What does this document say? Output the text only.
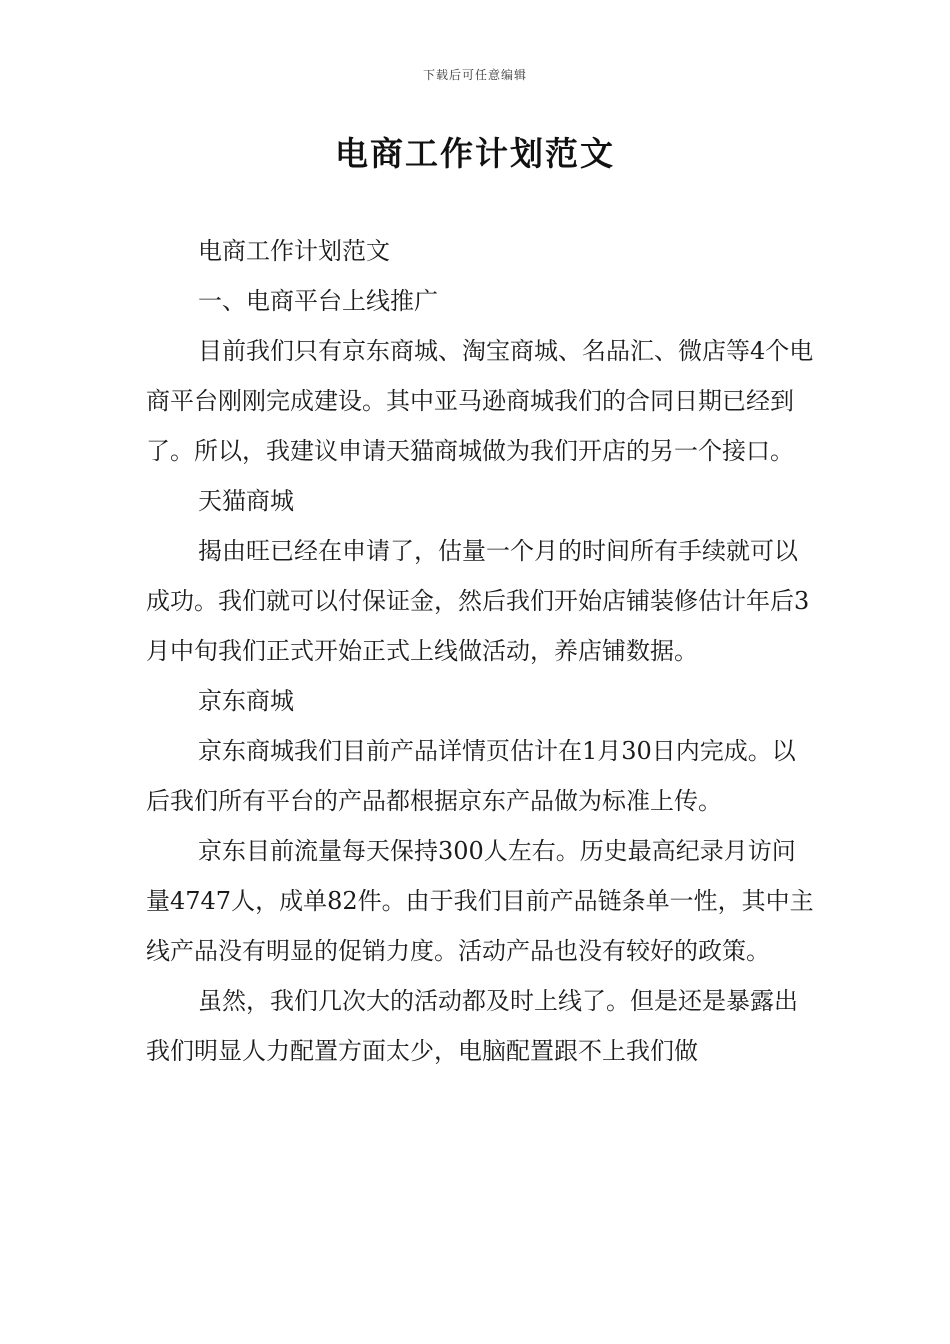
下载后可任意编辑
电商工作计划范文

电商工作计划范文

一、电商平台上线推广

目前我们只有京东商城、淘宝商城、名品汇、微店等4个电商平台刚刚完成建设。其中亚马逊商城我们的合同日期已经到了。所以，我建议申请天猫商城做为我们开店的另一个接口。

天猫商城

揭由旺已经在申请了，估量一个月的时间所有手续就可以成功。我们就可以付保证金，然后我们开始店铺装修估计年后3月中旬我们正式开始正式上线做活动，养店铺数据。

京东商城

京东商城我们目前产品详情页估计在1月30日内完成。以后我们所有平台的产品都根据京东产品做为标准上传。

京东目前流量每天保持300人左右。历史最高纪录月访问量4747人，成单82件。由于我们目前产品链条单一性，其中主线产品没有明显的促销力度。活动产品也没有较好的政策。

虽然，我们几次大的活动都及时上线了。但是还是暴露出我们明显人力配置方面太少，电脑配置跟不上我们做
